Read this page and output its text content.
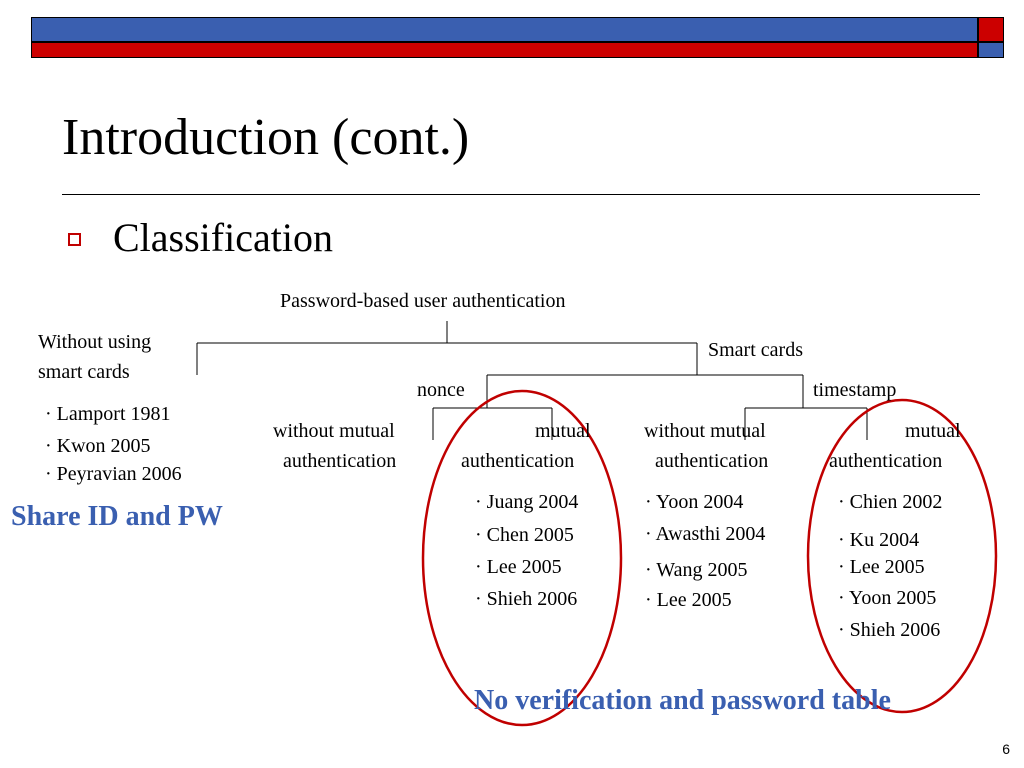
Introduction (cont.)
Classification
Password-based user authentication
Without using
smart cards
· Lamport 1981
· Kwon 2005
· Peyravian 2006
Smart cards
nonce	timestamp
without mutual
authentication
mutual
authentication
· Juang 2004
· Chen 2005
· Lee 2005
· Shieh 2006
without mutual
authentication
· Yoon 2004
· Awasthi 2004
· Wang 2005
· Lee 2005
mutual
authentication
· Chien 2002
· Ku 2004
· Lee 2005
· Yoon 2005
· Shieh 2006
Share ID and PW
No verification and password table
6
